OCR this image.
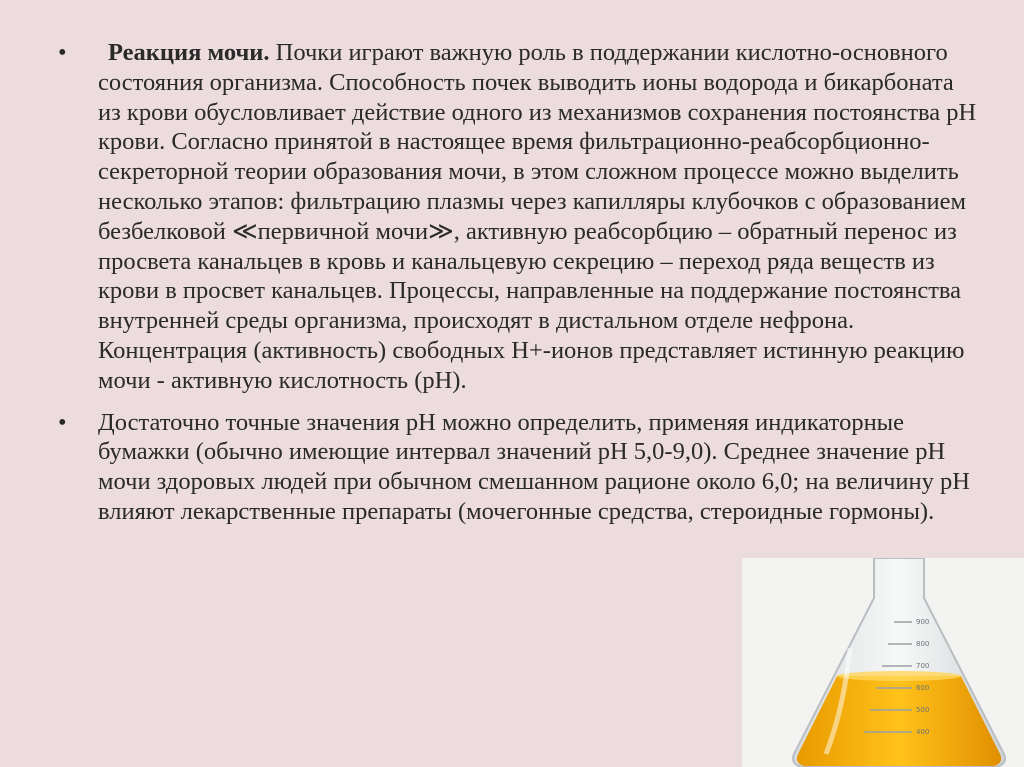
•	Реакция мочи. Почки играют важную роль в поддержании кислотно-основного состояния организма. Способность почек выводить ионы водорода и бикарбоната из крови обусловливает действие одного из механизмов сохранения постоянства pH крови. Согласно принятой в настоящее время фильтрационно-реабсорбционно-секреторной теории образования мочи, в этом сложном процессе можно выделить несколько этапов: фильтрацию плазмы через капилляры клубочков с образованием безбелковой ≪первичной мочи≫, активную реабсорбцию – обратный перенос из просвета канальцев в кровь и канальцевую секрецию – переход ряда веществ из крови в просвет канальцев. Процессы, направленные на поддержание постоянства внутренней среды организма, происходят в дистальном отделе нефрона. Концентрация (активность) свободных Н+-ионов представляет истинную реакцию мочи - активную кислотность (pH).
•	Достаточно точные значения pH можно определить, применяя индикаторные бумажки (обычно имеющие интервал значений pH 5,0-9,0). Среднее значение pH мочи здоровых людей при обычном смешанном рационе около 6,0; на величину pH влияют лекарственные препараты (мочегонные средства, стероидные гормоны).
900
800
700
600
500
400
